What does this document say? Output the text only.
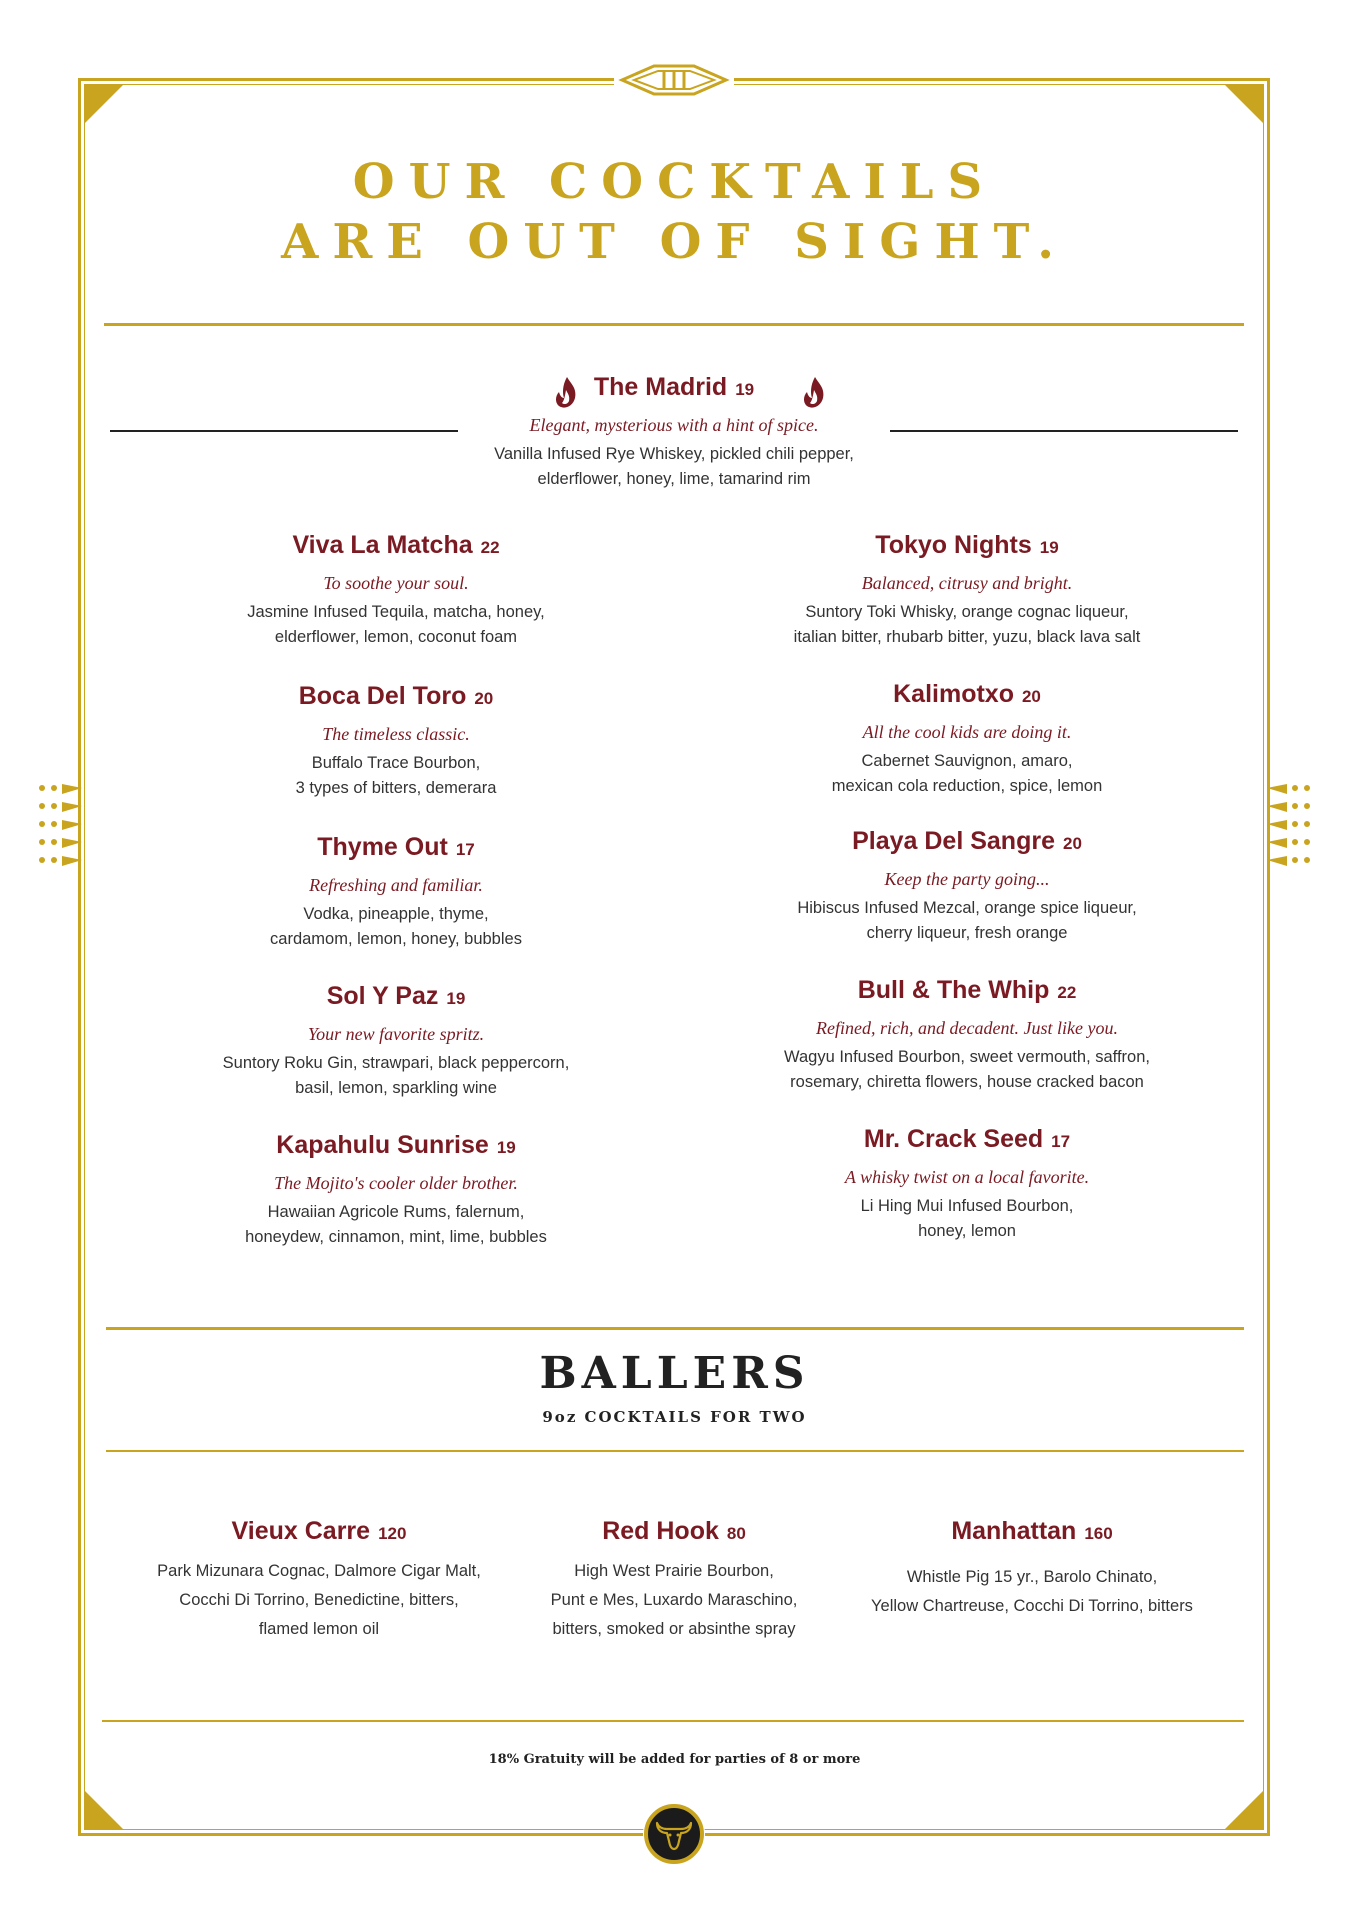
OUR COCKTAILS
ARE OUT OF SIGHT.
The Madrid 19
Elegant, mysterious with a hint of spice.
Vanilla Infused Rye Whiskey, pickled chili pepper,
elderflower, honey, lime, tamarind rim
Viva La Matcha 22
To soothe your soul.
Jasmine Infused Tequila, matcha, honey,
elderflower, lemon, coconut foam
Boca Del Toro 20
The timeless classic.
Buffalo Trace Bourbon,
3 types of bitters, demerara
Thyme Out 17
Refreshing and familiar.
Vodka, pineapple, thyme,
cardamom, lemon, honey, bubbles
Sol Y Paz 19
Your new favorite spritz.
Suntory Roku Gin, strawpari, black peppercorn,
basil, lemon, sparkling wine
Kapahulu Sunrise 19
The Mojito's cooler older brother.
Hawaiian Agricole Rums, falernum,
honeydew, cinnamon, mint, lime, bubbles
Tokyo Nights 19
Balanced, citrusy and bright.
Suntory Toki Whisky, orange cognac liqueur,
italian bitter, rhubarb bitter, yuzu, black lava salt
Kalimotxo 20
All the cool kids are doing it.
Cabernet Sauvignon, amaro,
mexican cola reduction, spice, lemon
Playa Del Sangre 20
Keep the party going...
Hibiscus Infused Mezcal, orange spice liqueur,
cherry liqueur, fresh orange
Bull & The Whip 22
Refined, rich, and decadent. Just like you.
Wagyu Infused Bourbon, sweet vermouth, saffron,
rosemary, chiretta flowers, house cracked bacon
Mr. Crack Seed 17
A whisky twist on a local favorite.
Li Hing Mui Infused Bourbon,
honey, lemon
BALLERS
9oz COCKTAILS FOR TWO
Vieux Carre 120
Park Mizunara Cognac, Dalmore Cigar Malt,
Cocchi Di Torrino, Benedictine, bitters,
flamed lemon oil
Red Hook 80
High West Prairie Bourbon,
Punt e Mes, Luxardo Maraschino,
bitters, smoked or absinthe spray
Manhattan 160
Whistle Pig 15 yr., Barolo Chinato,
Yellow Chartreuse, Cocchi Di Torrino, bitters
18% Gratuity will be added for parties of 8 or more
